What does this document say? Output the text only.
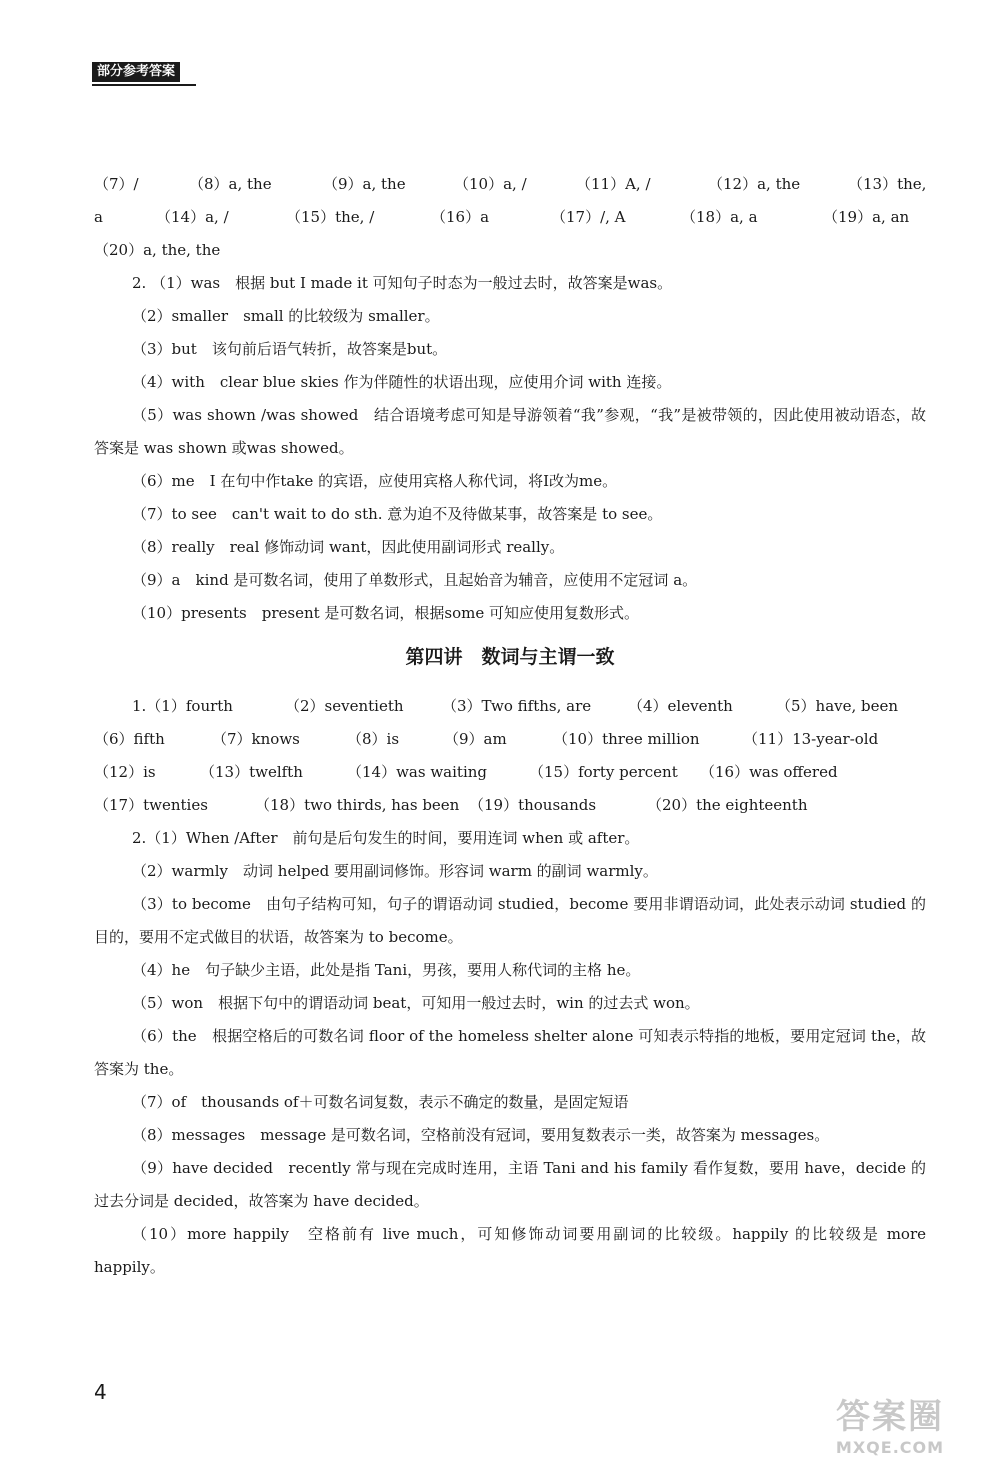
部分参考答案
（7）/	（8）a, the	（9）a, the	（10）a, /	（11）A, /	（12）a, the	（13）the,
a	（14）a, /	（15）the, /	（16）a	（17）/, A	（18）a, a	（19）a, an

（20）a, the, the

2. （1）was　 根据 but I made it 可知句子时态为一般过去时，故答案是was。

（2）smaller　 small 的比较级为 smaller。

（3）but　 该句前后语气转折，故答案是but。

（4）with　 clear blue skies 作为伴随性的状语出现，应使用介词 with 连接。

（5）was shown /was showed　 结合语境考虑可知是导游领着“我”参观，“我”是被带领的，因此使用被动语态，故答案是 was shown 或was showed。

（6）me　 I 在句中作take 的宾语，应使用宾格人称代词，将I改为me。

（7）to see　 can't wait to do sth. 意为迫不及待做某事，故答案是 to see。

（8）really　 real 修饰动词 want，因此使用副词形式 really。

（9）a　 kind 是可数名词，使用了单数形式，且起始音为辅音，应使用不定冠词 a。

（10）presents　 present 是可数名词，根据some 可知应使用复数形式。

第四讲　数词与主谓一致
1.（1）fourth	（2）seventieth	（3）Two fifths, are	（4）eleventh	（5）have, been
（6）fifth	（7）knows	（8）is	（9）am	（10）three million	（11）13-year-old
（12）is	（13）twelfth	（14）was waiting	（15）forty percent	（16）was offered
（17）twenties	（18）two thirds, has been （19）thousands	（20）the eighteenth

2.（1）When /After　 前句是后句发生的时间，要用连词 when 或 after。

（2）warmly　 动词 helped 要用副词修饰。形容词 warm 的副词 warmly。

（3）to become　 由句子结构可知，句子的谓语动词 studied，become 要用非谓语动词，此处表示动词 studied 的目的，要用不定式做目的状语，故答案为 to become。

（4）he　 句子缺少主语，此处是指 Tani，男孩，要用人称代词的主格 he。

（5）won　 根据下句中的谓语动词 beat，可知用一般过去时，win 的过去式 won。

（6）the　 根据空格后的可数名词 floor of the homeless shelter alone 可知表示特指的地板，要用定冠词 the，故答案为 the。

（7）of　 thousands of＋可数名词复数，表示不确定的数量，是固定短语

（8）messages　 message 是可数名词，空格前没有冠词，要用复数表示一类，故答案为 messages。

（9）have decided　 recently 常与现在完成时连用，主语 Tani and his family 看作复数，要用 have，decide 的过去分词是 decided，故答案为 have decided。

（10）more happily　 空格前有 live much，可知修饰动词要用副词的比较级。happily 的比较级是 more happily。

4
答案圈
MXQE.COM
